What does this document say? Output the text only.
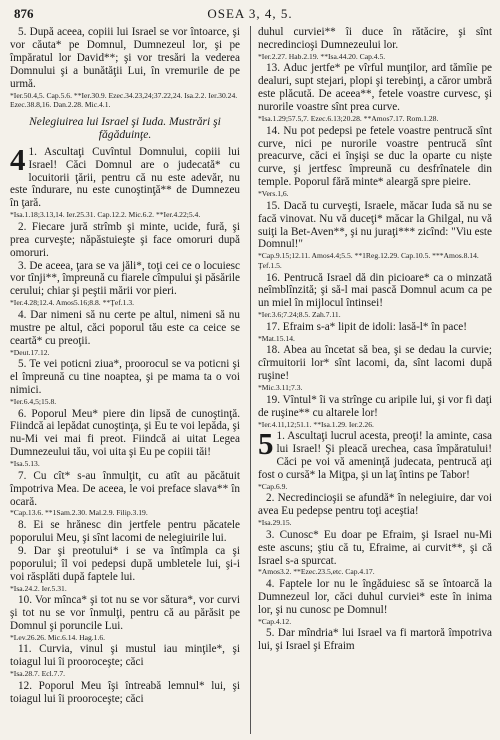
876	OSEA 3, 4, 5.

5. După aceea, copiii lui Israel se vor întoarce, şi vor căuta* pe Domnul, Dumnezeul lor, şi pe împăratul lor David**; şi vor tresări la vederea Domnului şi a bunătăţii Lui, în vremurile de pe urmă.

*Ier.50.4,5. Cap.5.6. **Ier.30.9. Ezec.34.23,24;37.22,24. Isa.2.2. Ier.30.24. Ezec.38.8,16. Dan.2.28. Mic.4.1.

Nelegiuirea lui Israel şi Iuda. Mustrări şi făgăduinţe.

4 1. Ascultaţi Cuvîntul Domnului, copiii lui Israel! Căci Domnul are o judecată* cu locuitorii ţării, pentru că nu este adevăr, nu este îndurare, nu este cunoştinţă** de Dumnezeu în ţară.

*Isa.1.18;3.13,14. Ier.25.31. Cap.12.2. Mic.6.2. **Ier.4.22;5.4.

2. Fiecare jură strîmb şi minte, ucide, fură, şi prea curveşte; năpăstuieşte şi face omoruri după omoruri.

3. De aceea, ţara se va jăli*, toţi cei ce o locuiesc vor tînji**, împreună cu fiarele cîmpului şi păsările cerului; chiar şi peştii mării vor pieri.

*Ier.4.28;12.4. Amos5.16;8.8. **Ţef.1.3.

4. Dar nimeni să nu certe pe altul, nimeni să nu mustre pe altul, căci poporul tău este ca ceice se ceartă* cu preoţii.

*Deut.17.12.

5. Te vei poticni ziua*, proorocul se va poticni şi el împreună cu tine noaptea, şi pe mama ta o voi nimici.

*Ier.6.4,5;15.8.

6. Poporul Meu* piere din lipsă de cunoştinţă. Fiindcă ai lepădat cunoştinţa, şi Eu te voi lepăda, şi nu-Mi vei mai fi preot. Fiindcă ai uitat Legea Dumnezeului tău, voi uita şi Eu pe copiii tăi!

*Isa.5.13.

7. Cu cît* s-au înmulţit, cu atît au păcătuit împotriva Mea. De aceea, le voi preface slava** în ocară.

*Cap.13.6. **1Sam.2.30. Mal.2.9. Filip.3.19.

8. Ei se hrănesc din jertfele pentru păcatele poporului Meu, şi sînt lacomi de nelegiuirile lui.

9. Dar şi preotului* i se va întîmpla ca şi poporului; îl voi pedepsi după umbletele lui, şi-i voi răsplăti după faptele lui.

*Isa.24.2. Ier.5.31.

10. Vor mînca* şi tot nu se vor sătura*, vor curvi şi tot nu se vor înmulţi, pentru că au părăsit pe Domnul şi poruncile Lui.

*Lev.26.26. Mic.6.14. Hag.1.6.

11. Curvia, vinul şi mustul iau minţile*, şi toiagul lui îi prooroceşte; căci

*Isa.28.7. Ecl.7.7.

12. Poporul Meu îşi întreabă lemnul* lui, şi toiagul lui îi prooroceşte; căci

duhul curviei** îi duce în rătăcire, şi sînt necredincioşi Dumnezeului lor.

*Ier.2.27. Hab.2.19. **Isa.44.20. Cap.4.5.

13. Aduc jertfe* pe vîrful munţilor, ard tămîie pe dealuri, supt stejari, plopi şi terebinţi, a căror umbră este plăcută. De aceea**, fetele voastre curvesc, şi nurorile voastre sînt prea curve.

*Isa.1.29;57.5,7. Ezec.6.13;20.28. **Amos7.17. Rom.1.28.

14. Nu pot pedepsi pe fetele voastre pentrucă sînt curve, nici pe nurorile voastre pentrucă sînt preacurve, căci ei înşişi se duc la oparte cu niște curve, şi jertfesc împreună cu desfrînatele din temple. Poporul fără minte* aleargă spre pieire.

*Vers.1,6.

15. Dacă tu curveşti, Israele, măcar Iuda să nu se facă vinovat. Nu vă duceţi* măcar la Ghilgal, nu vă suiţi la Bet-Aven**, şi nu juraţi*** zicînd: "Viu este Domnul!"

*Cap.9.15;12.11. Amos4.4;5.5. **1Reg.12.29. Cap.10.5. ***Amos.8.14. Ţef.1.5.

16. Pentrucă Israel dă din picioare* ca o minzată neîmblînzită; şi să-l mai pască Domnul acum ca pe un miel în mijlocul întinsei!

*Ier.3.6;7.24;8.5. Zah.7.11.

17. Efraim s-a* lipit de idoli: lasă-l* în pace!

*Mat.15.14.

18. Abea au încetat să bea, şi se dedau la curvie; cîrmuitorii lor* sînt lacomi, da, sînt lacomi după ruşine!

*Mic.3.11;7.3.

19. Vîntul* îi va strînge cu aripile lui, şi vor fi daţi de ruşine** cu altarele lor!

*Ier.4.11,12;51.1. **Isa.1.29. Ier.2.26.

5 1. Ascultaţi lucrul acesta, preoţi! la aminte, casa lui Israel! Şi pleacă urechea, casa împăratului! Căci pe voi vă ameninţă judecata, pentrucă aţi fost o cursă* la Miţpa, şi un laţ întins pe Tabor!

*Cap.6.9.

2. Necredincioşii se afundă* în nelegiuire, dar voi avea Eu pedepse pentru toţi aceştia!

*Isa.29.15.

3. Cunosc* Eu doar pe Efraim, şi Israel nu-Mi este ascuns; ştiu că tu, Efraime, ai curvit**, şi că Israel s-a spurcat.

*Amos3.2. **Ezec.23.5,etc. Cap.4.17.

4. Faptele lor nu le îngăduiesc să se întoarcă la Dumnezeul lor, căci duhul curviei* este în inima lor, şi nu cunosc pe Domnul!

*Cap.4.12.

5. Dar mîndria* lui Israel va fi martoră împotriva lui, şi Israel şi Efraim
